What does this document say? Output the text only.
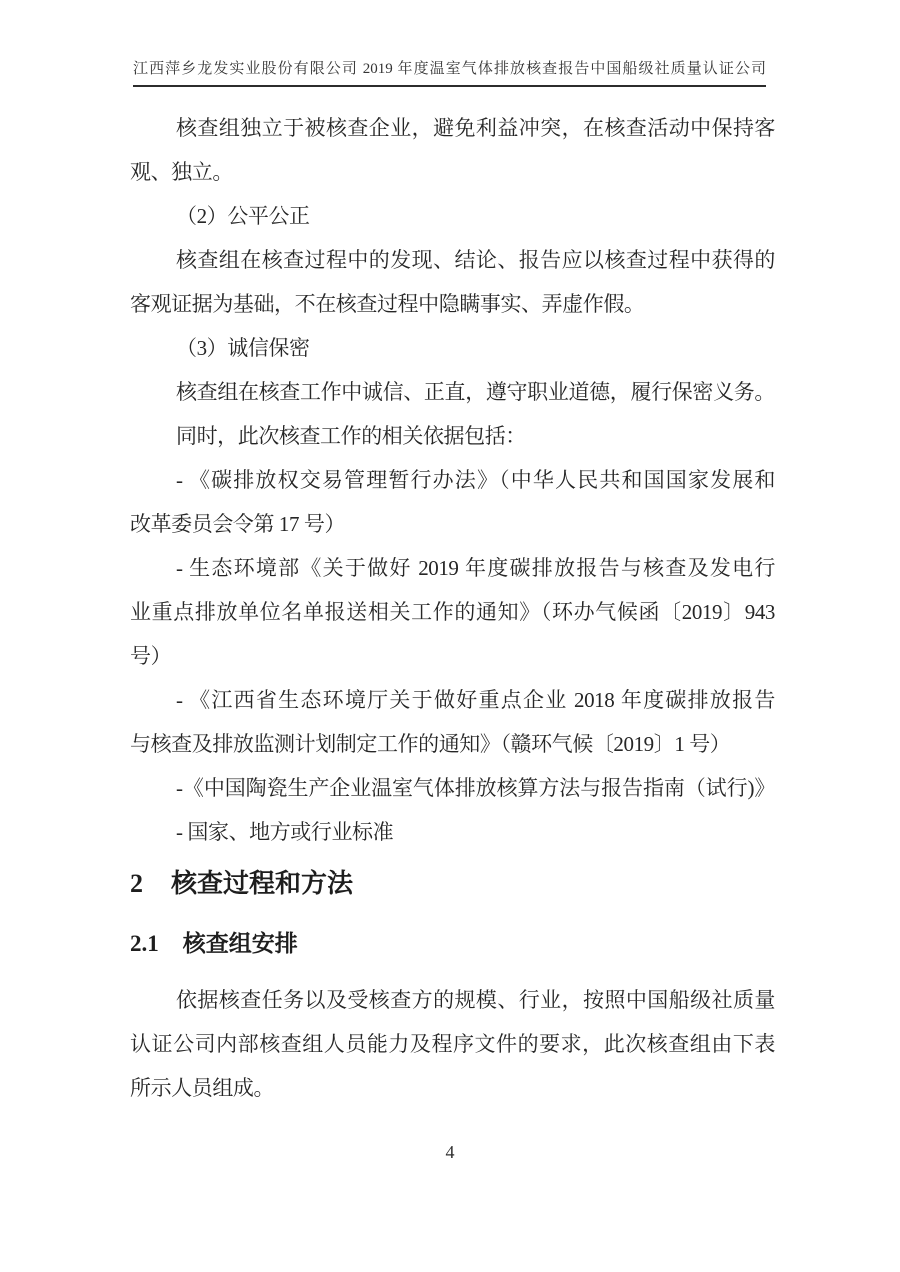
江西萍乡龙发实业股份有限公司 2019 年度温室气体排放核查报告中国船级社质量认证公司
核查组独立于被核查企业，避免利益冲突，在核查活动中保持客
观、独立。
（2）公平公正
核查组在核查过程中的发现、结论、报告应以核查过程中获得的
客观证据为基础，不在核查过程中隐瞒事实、弄虚作假。
（3）诚信保密
核查组在核查工作中诚信、正直，遵守职业道德，履行保密义务。
同时，此次核查工作的相关依据包括：
- 《碳排放权交易管理暂行办法》（中华人民共和国国家发展和
改革委员会令第 17 号）
- 生态环境部《关于做好 2019 年度碳排放报告与核查及发电行
业重点排放单位名单报送相关工作的通知》（环办气候函〔2019〕943
号）
- 《江西省生态环境厅关于做好重点企业 2018 年度碳排放报告
与核查及排放监测计划制定工作的通知》（赣环气候〔2019〕1 号）
-《中国陶瓷生产企业温室气体排放核算方法与报告指南（试行)》
- 国家、地方或行业标准
2 核查过程和方法
2.1 核查组安排
依据核查任务以及受核查方的规模、行业，按照中国船级社质量
认证公司内部核查组人员能力及程序文件的要求，此次核查组由下表
所示人员组成。
4
